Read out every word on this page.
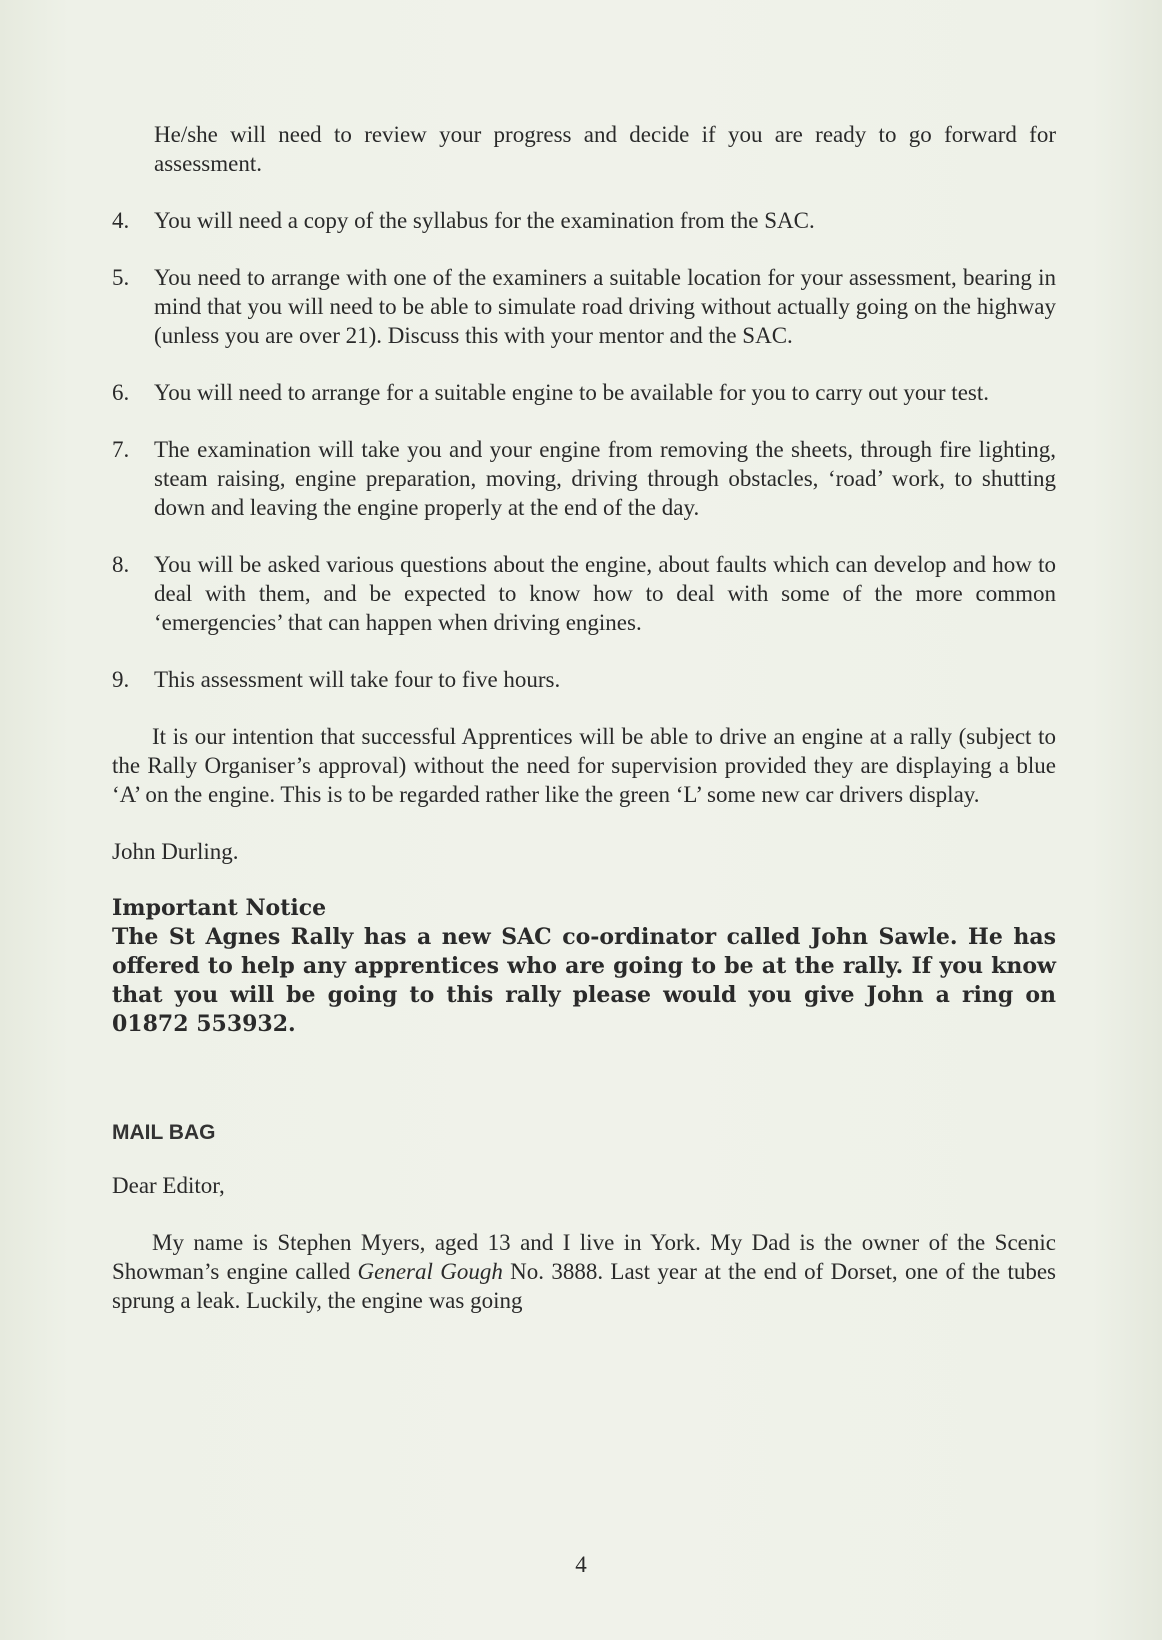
He/she will need to review your progress and decide if you are ready to go forward for assessment.

4.	You will need a copy of the syllabus for the examination from the SAC.
5.	You need to arrange with one of the examiners a suitable location for your assessment, bearing in mind that you will need to be able to simulate road driving without actually going on the highway (unless you are over 21). Discuss this with your mentor and the SAC.
6.	You will need to arrange for a suitable engine to be available for you to carry out your test.
7.	The examination will take you and your engine from removing the sheets, through fire lighting, steam raising, engine preparation, moving, driving through obstacles, ‘road’ work, to shutting down and leaving the engine properly at the end of the day.
8.	You will be asked various questions about the engine, about faults which can develop and how to deal with them, and be expected to know how to deal with some of the more common ‘emergencies’ that can happen when driving engines.
9.	This assessment will take four to five hours.

It is our intention that successful Apprentices will be able to drive an engine at a rally (subject to the Rally Organiser’s approval) without the need for supervision provided they are displaying a blue ‘A’ on the engine. This is to be regarded rather like the green ‘L’ some new car drivers display.

John Durling.

Important Notice
The St Agnes Rally has a new SAC co-ordinator called John Sawle. He has offered to help any apprentices who are going to be at the rally. If you know that you will be going to this rally please would you give John a ring on 01872 553932.
MAIL BAG

Dear Editor,

My name is Stephen Myers, aged 13 and I live in York. My Dad is the owner of the Scenic Showman’s engine called General Gough No. 3888. Last year at the end of Dorset, one of the tubes sprung a leak. Luckily, the engine was going

4
